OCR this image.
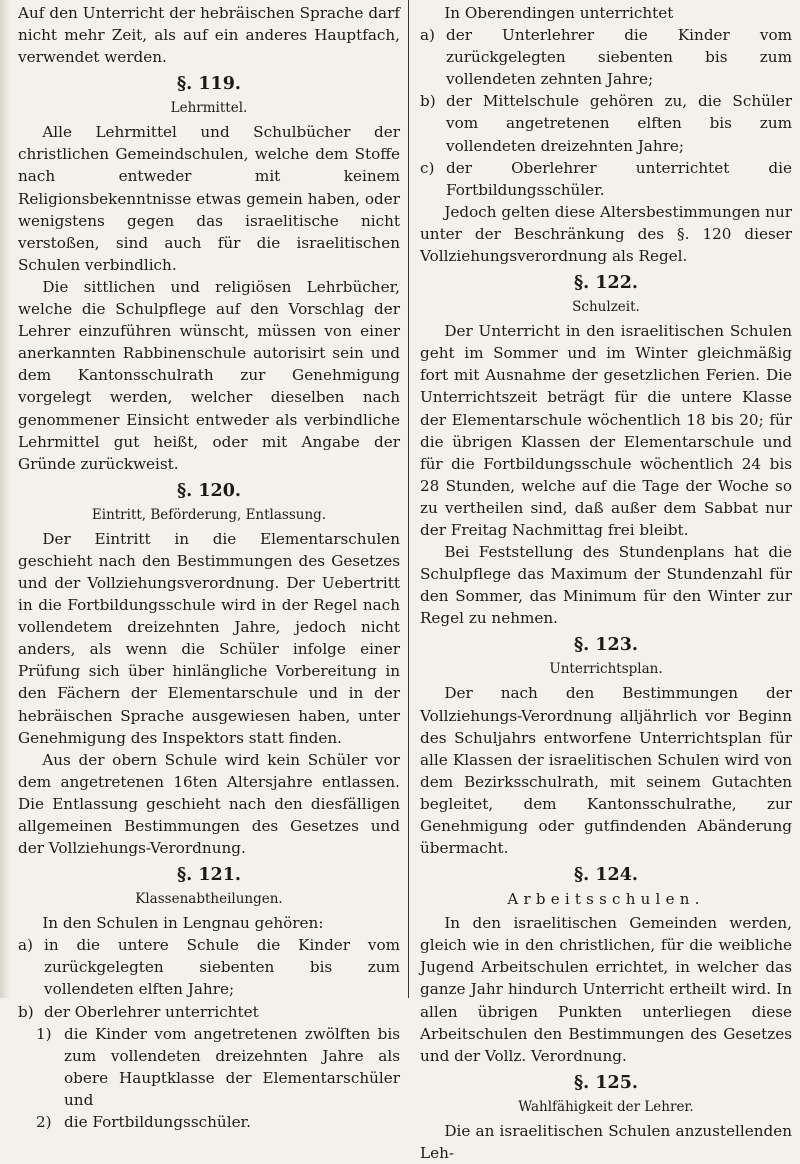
Auf den Unterricht der hebräischen Sprache darf nicht mehr Zeit, als auf ein anderes Hauptfach, verwendet werden.

§. 119.
Lehrmittel.

Alle Lehrmittel und Schulbücher der christlichen Gemeindschulen, welche dem Stoffe nach entweder mit keinem Religionsbekenntnisse etwas gemein haben, oder wenigstens gegen das israelitische nicht verstoßen, sind auch für die israelitischen Schulen verbindlich.

Die sittlichen und religiösen Lehrbücher, welche die Schulpflege auf den Vorschlag der Lehrer einzuführen wünscht, müssen von einer anerkannten Rabbinenschule autorisirt sein und dem Kantonsschulrath zur Genehmigung vorgelegt werden, welcher dieselben nach genommener Einsicht entweder als verbindliche Lehrmittel gut heißt, oder mit Angabe der Gründe zurückweist.

§. 120.
Eintritt, Beförderung, Entlassung.

Der Eintritt in die Elementarschulen geschieht nach den Bestimmungen des Gesetzes und der Vollziehungsverordnung. Der Uebertritt in die Fortbildungsschule wird in der Regel nach vollendetem dreizehnten Jahre, jedoch nicht anders, als wenn die Schüler infolge einer Prüfung sich über hinlängliche Vorbereitung in den Fächern der Elementarschule und in der hebräischen Sprache ausgewiesen haben, unter Genehmigung des Inspektors statt finden.

Aus der obern Schule wird kein Schüler vor dem angetretenen 16ten Altersjahre entlassen. Die Entlassung geschieht nach den diesfälligen allgemeinen Bestimmungen des Gesetzes und der Vollziehungs-Verordnung.

§. 121.
Klassenabtheilungen.

In den Schulen in Lengnau gehören:

a) in die untere Schule die Kinder vom zurückgelegten siebenten bis zum vollendeten elften Jahre;
b) der Oberlehrer unterrichtet
1) die Kinder vom angetretenen zwölften bis zum vollendeten dreizehnten Jahre als obere Hauptklasse der Elementarschüler und
2) die Fortbildungsschüler.

In Oberendingen unterrichtet

a) der Unterlehrer die Kinder vom zurückgelegten siebenten bis zum vollendeten zehnten Jahre;
b) der Mittelschule gehören zu, die Schüler vom angetretenen elften bis zum vollendeten dreizehnten Jahre;
c) der Oberlehrer unterrichtet die Fortbildungsschüler.

Jedoch gelten diese Altersbestimmungen nur unter der Beschränkung des §. 120 dieser Vollziehungsverordnung als Regel.

§. 122.
Schulzeit.

Der Unterricht in den israelitischen Schulen geht im Sommer und im Winter gleichmäßig fort mit Ausnahme der gesetzlichen Ferien. Die Unterrichtszeit beträgt für die untere Klasse der Elementarschule wöchentlich 18 bis 20; für die übrigen Klassen der Elementarschule und für die Fortbildungsschule wöchentlich 24 bis 28 Stunden, welche auf die Tage der Woche so zu vertheilen sind, daß außer dem Sabbat nur der Freitag Nachmittag frei bleibt.

Bei Feststellung des Stundenplans hat die Schulpflege das Maximum der Stundenzahl für den Sommer, das Minimum für den Winter zur Regel zu nehmen.

§. 123.
Unterrichtsplan.

Der nach den Bestimmungen der Vollziehungs-Verordnung alljährlich vor Beginn des Schuljahrs entworfene Unterrichtsplan für alle Klassen der israelitischen Schulen wird von dem Bezirksschulrath, mit seinem Gutachten begleitet, dem Kantonsschulrathe, zur Genehmigung oder gutfindenden Abänderung übermacht.

§. 124.
Arbeitsschulen.

In den israelitischen Gemeinden werden, gleich wie in den christlichen, für die weibliche Jugend Arbeitschulen errichtet, in welcher das ganze Jahr hindurch Unterricht ertheilt wird. In allen übrigen Punkten unterliegen diese Arbeitschulen den Bestimmungen des Gesetzes und der Vollz. Verordnung.

§. 125.
Wahlfähigkeit der Lehrer.

Die an israelitischen Schulen anzustellenden Leh-
